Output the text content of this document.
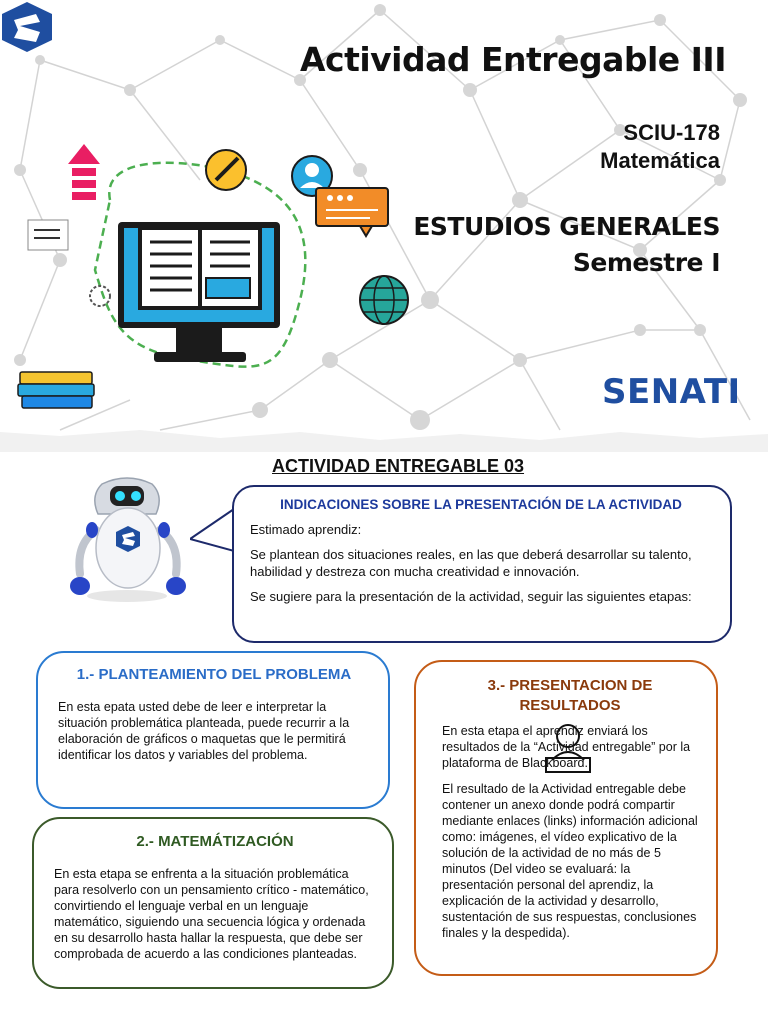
Actividad Entregable III
SCIU-178
Matemática
ESTUDIOS GENERALES
Semestre I
SENATI
ACTIVIDAD ENTREGABLE 03
INDICACIONES SOBRE LA PRESENTACIÓN DE LA ACTIVIDAD

Estimado aprendiz:

Se plantean dos situaciones reales, en las que deberá desarrollar su talento, habilidad y destreza con mucha creatividad e innovación.

Se sugiere para la presentación de la actividad, seguir las siguientes etapas:

1.- PLANTEAMIENTO DEL PROBLEMA

En esta epata usted debe de leer e interpretar la situación problemática planteada, puede recurrir a la elaboración de gráficos o maquetas que le permitirá identificar los datos y variables del problema.

2.- MATEMÁTIZACIÓN

En esta etapa se enfrenta a la situación problemática para resolverlo con un pensamiento crítico - matemático, convirtiendo el lenguaje verbal en un lenguaje matemático, siguiendo una secuencia lógica y ordenada en su desarrollo hasta hallar la respuesta, que debe ser comprobada de acuerdo a las condiciones planteadas.

3.- PRESENTACION DE RESULTADOS

En esta etapa el aprendiz enviará los resultados de la “Actividad entregable” por la plataforma de Blackboard.

El resultado de la Actividad entregable debe contener un anexo donde podrá compartir mediante enlaces (links) información adicional como: imágenes, el vídeo explicativo de la solución de la actividad de no más de 5 minutos (Del video se evaluará: la presentación personal del aprendiz, la explicación de la actividad y desarrollo, sustentación de sus respuestas, conclusiones finales y la despedida).
